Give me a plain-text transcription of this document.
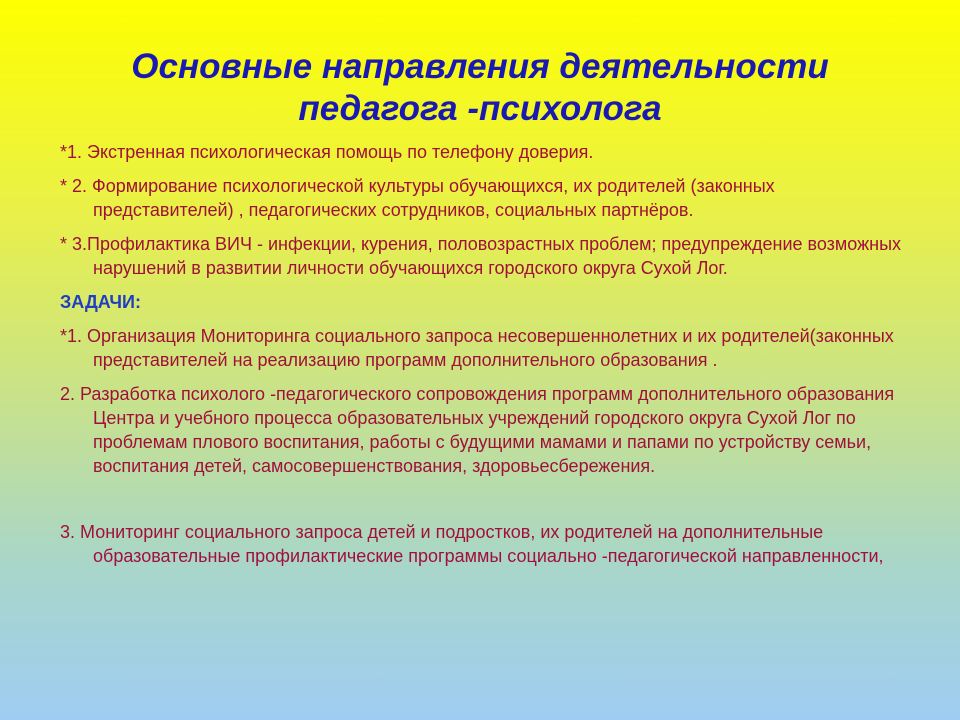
Основные направления деятельности
педагога -психолога

*1. Экстренная психологическая помощь по телефону доверия.

* 2. Формирование психологической культуры обучающихся, их родителей (законных представителей) , педагогических сотрудников, социальных партнёров.

* 3.Профилактика ВИЧ - инфекции, курения, половозрастных проблем; предупреждение возможных нарушений в развитии личности обучающихся городского округа Сухой Лог.

ЗАДАЧИ:

*1. Организация Мониторинга социального запроса несовершеннолетних и их родителей(законных представителей на реализацию программ дополнительного образования .

2. Разработка психолого -педагогического сопровождения программ дополнительного образования Центра и учебного процесса образовательных учреждений городского округа Сухой Лог по проблемам плового воспитания, работы с будущими мамами и папами по устройству семьи, воспитания детей, самосовершенствования, здоровьесбережения.

3. Мониторинг социального запроса детей и подростков, их родителей на дополнительные образовательные профилактические программы социально -педагогической направленности,
